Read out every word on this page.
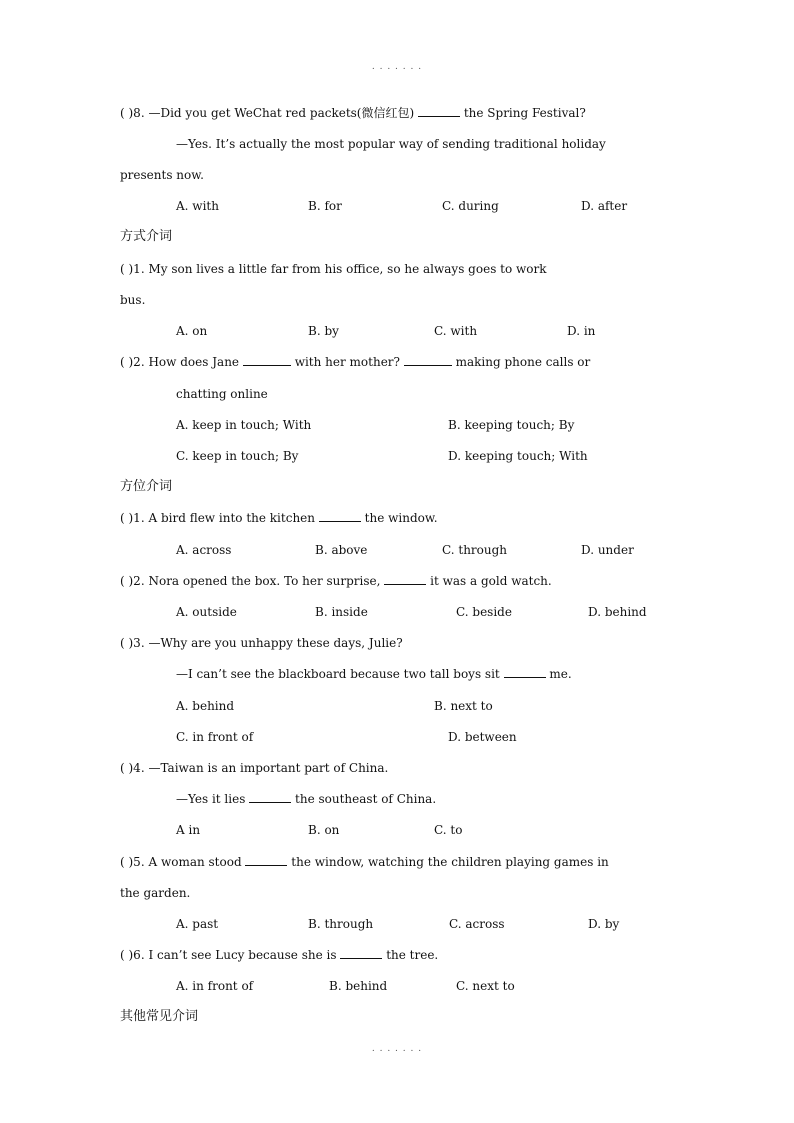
. . . . . . .
( )8. —Did you get WeChat red packets(微信红包)	the Spring Festival?
—Yes. It’s actually the most popular way of sending traditional holiday
presents now.
A. with	B. for	C. during	D. after
方式介词
( )1. My son lives a little far from his office, so he always goes to work
bus.
A. on	B. by	C. with	D. in
( )2. How does Jane	with her mother?	making phone calls or
chatting online
A. keep in touch; With	B. keeping touch; By
C. keep in touch; By	D. keeping touch; With
方位介词
( )1. A bird flew into the kitchen	the window.
A. across	B. above	C. through	D. under
( )2. Nora opened the box. To her surprise,	it was a gold watch.
A. outside	B. inside	C. beside	D. behind
( )3. —Why are you unhappy these days, Julie?
—I can’t see the blackboard because two tall boys sit	me.
A. behind	B. next to
C. in front of	D. between
( )4. —Taiwan is an important part of China.
—Yes it lies	the southeast of China.
A in	B. on	C. to
( )5. A woman stood	the window, watching the children playing games in
the garden.
A. past	B. through	C. across	D. by
( )6. I can’t see Lucy because she is	the tree.
A. in front of	B. behind	C. next to
其他常见介词
. . . . . . .
